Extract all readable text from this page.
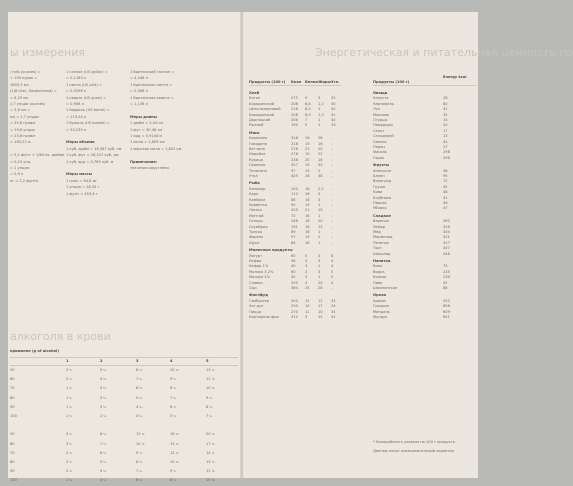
ы измерения
алкоголя в крови
промилле (g of alcohol)
/ mils (ounces) =
= 190 курок =
1605,3 мл
(1/8 Liter, Deutschland) =
= 6,25 мл
1,7 унции (ounces)
= 3,8 мл =
мл = 1,7 унции
= 35,8 грамм
= 19,6 унции
= 25,6 грамм
= 185,22 м
= 5,1 фунт + 1/64 ex. дюйма
= 0,15 унц.
= 1 унция
= 0,9 л
кг = 2,2 фунта
1 галлон (US gallon) =
= 0,1183 л
1 пинта (US pint) =
= 0,0296 л
1 кварта (US quart) =
= 0,946 л
1 баррель (US barrel) =
= 119,24 л
1 бушель (US bushel) =
= 35,239 л
Меры объема
1 куб. дюйм = 16,387 куб. см
1 куб. фут = 28,317 куб. дм
1 куб. ярд = 0,765 куб. м
Меры массы
1 гран = 64,8 мг
1 унция = 28,35 г
1 фунт = 453,6 г
1 британский галлон =
= 4,546 л
1 британская пинта =
= 0,568 л
1 британская кварта =
= 1,136 л
Меры длины
1 дюйм = 2,54 см
1 фут = 30,48 см
1 ярд = 0,9144 м
1 миля = 1,609 км
1 морская миля = 1,852 км
Примечание:
значения округлены
1	2	3	4	5
50	2 ч.	5 ч.	8 ч.	10 ч.	13 ч.
60	2 ч.	4 ч.	7 ч.	9 ч.	11 ч.
70	1 ч.	4 ч.	6 ч.	8 ч.	10 ч.
80	1 ч.	3 ч.	5 ч.	7 ч.	9 ч.
90	1 ч.	3 ч.	4 ч.	6 ч.	8 ч.
100	1 ч.	2 ч.	4 ч.	5 ч.	7 ч.
50	3 ч.	8 ч.	12 ч.	16 ч.	20 ч.
60	3 ч.	7 ч.	10 ч.	13 ч.	17 ч.
70	2 ч.	6 ч.	9 ч.	12 ч.	14 ч.
80	2 ч.	5 ч.	8 ч.	10 ч.	13 ч.
90	2 ч.	4 ч.	7 ч.	9 ч.	11 ч.
100	1 ч.	4 ч.	6 ч.	8 ч.	10 ч.
Энергетическая и питательная ценность пр
Продукты (100 г) Ккал Белки Жиры Угл.
Хлеб
Батон	275 9	3	52
Бородинский	206 6,8 1,3 40
Цельнозерновой	218 8,5 1	42
Бородинский	208 6,9 1,3 41
Дарницкий	206 7	1	40
Ржаной	190 5	1	33
Мясо
Баранина	316 16 28 -
Говядина	218 19 16 -
Ветчина	278 23 20 -
Индейка	276 19 22 -
Курица	238 20 18 -
Свинина	357 15 33 -
Телятина	97	19 2	-
Утка	405 16 38 -
Рыба
Кальмар	100 18 2,2 -
Карп	112 16 5	-
Камбала	88	16 3	-
Креветки	95	19 1	-
Лосось	205 21 15 -
Минтай	72	16 1	-
Сельдь	248 18 20 -
Скумбрия	191 18 13 -
Треска	69	16 1	-
Форель	97	19 2	-
Щука	84	18 1	-
Молочные продукты
Йогурт	60	5	3	8
Кефир	56	3	3	4
Кефир 1%	40	3	1	4
Молоко 3,2%	60	3	3	5
Молоко 1%	42	3	1	5
Сливки	205 3	20 4
Сыр	360 25 28 -
Фастфуд
Гамбургер	300 15 12 33
Хот-дог	290 10 17 24
Пицца	270 11 10 34
Картофель фри	312 3	15 41
Продукты (100 г)
Energy kcal
Овощи
Капуста	28
Картофель	80
Лук	41
Морковь	35
Огурцы	14
Помидоры	20
Салат	17
Сельдерей	13
Свекла	42
Перец	27
Фасоль	298
Горох	298
Фрукты
Апельсин	38
Банан	95
Виноград	72
Груша	42
Киви	48
Клубника	41
Персик	46
Яблоко	47
Сладкое
Варенье	262
Зефир	326
Мёд	304
Мармелад	321
Печенье	417
Торт	407
Шоколад	546
Напитки
Вино	75
Водка	235
Коньяк	239
Пиво	42
Шампанское	88
Орехи
Арахис	552
Грецкие	656
Миндаль	609
Фундук	651
* Калорийность указана на 100 г продукта
Данные носят ознакомительный характер
